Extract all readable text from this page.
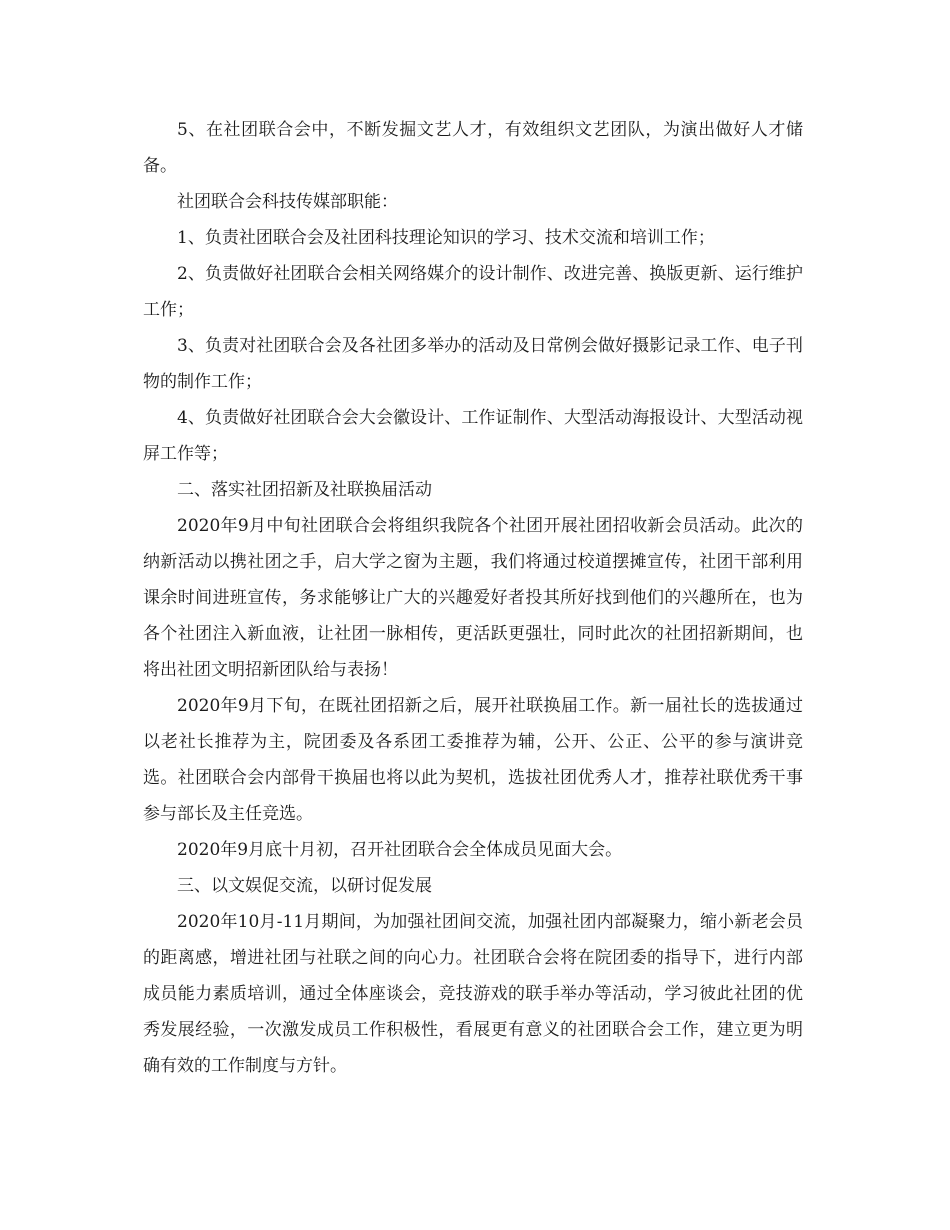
5、在社团联合会中，不断发掘文艺人才，有效组织文艺团队，为演出做好人才储备。

社团联合会科技传媒部职能：

1、负责社团联合会及社团科技理论知识的学习、技术交流和培训工作；

2、负责做好社团联合会相关网络媒介的设计制作、改进完善、换版更新、运行维护工作；

3、负责对社团联合会及各社团多举办的活动及日常例会做好摄影记录工作、电子刊物的制作工作；

4、负责做好社团联合会大会徽设计、工作证制作、大型活动海报设计、大型活动视屏工作等；

二、落实社团招新及社联换届活动

2020年9月中旬社团联合会将组织我院各个社团开展社团招收新会员活动。此次的纳新活动以携社团之手，启大学之窗为主题，我们将通过校道摆摊宣传，社团干部利用课余时间进班宣传，务求能够让广大的兴趣爱好者投其所好找到他们的兴趣所在，也为各个社团注入新血液，让社团一脉相传，更活跃更强壮，同时此次的社团招新期间，也将出社团文明招新团队给与表扬！

2020年9月下旬，在既社团招新之后，展开社联换届工作。新一届社长的选拔通过以老社长推荐为主，院团委及各系团工委推荐为辅，公开、公正、公平的参与演讲竞选。社团联合会内部骨干换届也将以此为契机，选拔社团优秀人才，推荐社联优秀干事参与部长及主任竞选。

2020年9月底十月初，召开社团联合会全体成员见面大会。

三、以文娱促交流，以研讨促发展

2020年10月-11月期间，为加强社团间交流，加强社团内部凝聚力，缩小新老会员的距离感，增进社团与社联之间的向心力。社团联合会将在院团委的指导下，进行内部成员能力素质培训，通过全体座谈会，竞技游戏的联手举办等活动，学习彼此社团的优秀发展经验，一次激发成员工作积极性，看展更有意义的社团联合会工作，建立更为明确有效的工作制度与方针。
